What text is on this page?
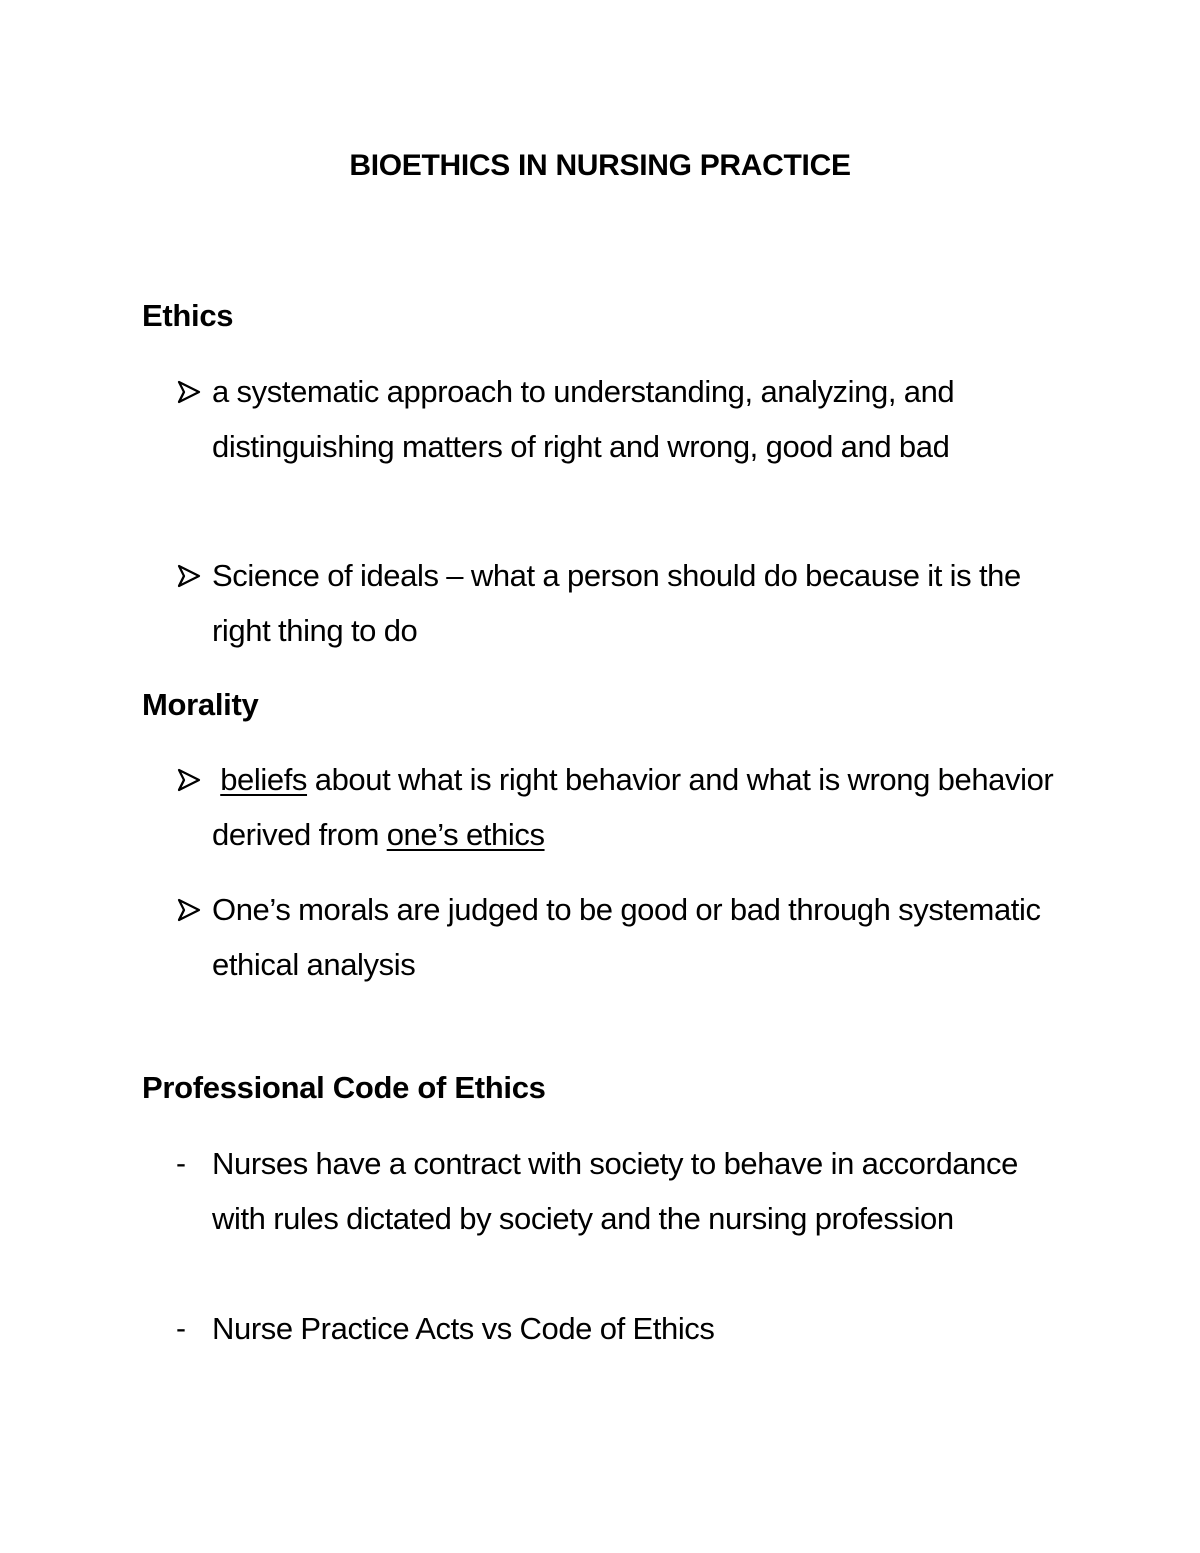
BIOETHICS IN NURSING PRACTICE
Ethics
a systematic approach to understanding, analyzing, and distinguishing matters of right and wrong, good and bad
Science of ideals – what a person should do because it is the right thing to do
Morality
beliefs about what is right behavior and what is wrong behavior derived from one’s ethics
One’s morals are judged to be good or bad through systematic ethical analysis
Professional Code of Ethics
- Nurses have a contract with society to behave in accordance with rules dictated by society and the nursing profession
- Nurse Practice Acts vs Code of Ethics
